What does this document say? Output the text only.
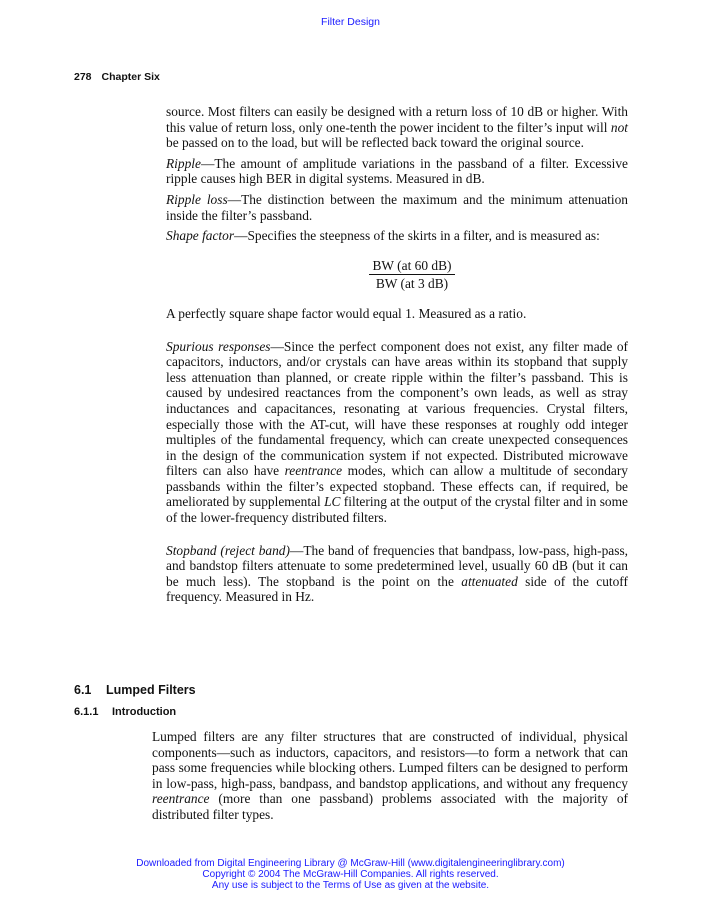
Filter Design
278 Chapter Six

source. Most filters can easily be designed with a return loss of 10 dB or higher. With this value of return loss, only one-tenth the power incident to the filter’s input will not be passed on to the load, but will be reflected back toward the original source.

Ripple—The amount of amplitude variations in the passband of a filter. Excessive ripple causes high BER in digital systems. Measured in dB.

Ripple loss—The distinction between the maximum and the minimum attenuation inside the filter’s passband.

Shape factor—Specifies the steepness of the skirts in a filter, and is measured as:

$\frac{BW (at 60 dB)}{BW (at 3 dB)}$

A perfectly square shape factor would equal 1. Measured as a ratio.

Spurious responses—Since the perfect component does not exist, any filter made of capacitors, inductors, and/or crystals can have areas within its stopband that supply less attenuation than planned, or create ripple within the filter’s passband. This is caused by undesired reactances from the component’s own leads, as well as stray inductances and capacitances, resonating at various frequencies. Crystal filters, especially those with the AT-cut, will have these responses at roughly odd integer multiples of the fundamental frequency, which can create unexpected consequences in the design of the communication system if not expected. Distributed microwave filters can also have reentrance modes, which can allow a multitude of secondary passbands within the filter’s expected stopband. These effects can, if required, be ameliorated by supplemental LC filtering at the output of the crystal filter and in some of the lower-frequency distributed filters.

Stopband (reject band)—The band of frequencies that bandpass, low-pass, high-pass, and bandstop filters attenuate to some predetermined level, usually 60 dB (but it can be much less). The stopband is the point on the attenuated side of the cutoff frequency. Measured in Hz.

6.1 Lumped Filters
6.1.1 Introduction

Lumped filters are any filter structures that are constructed of individual, physical components—such as inductors, capacitors, and resistors—to form a network that can pass some frequencies while blocking others. Lumped filters can be designed to perform in low-pass, high-pass, bandpass, and bandstop applications, and without any frequency reentrance (more than one passband) problems associated with the majority of distributed filter types.

Downloaded from Digital Engineering Library @ McGraw-Hill (www.digitalengineeringlibrary.com)
Copyright © 2004 The McGraw-Hill Companies. All rights reserved.
Any use is subject to the Terms of Use as given at the website.
